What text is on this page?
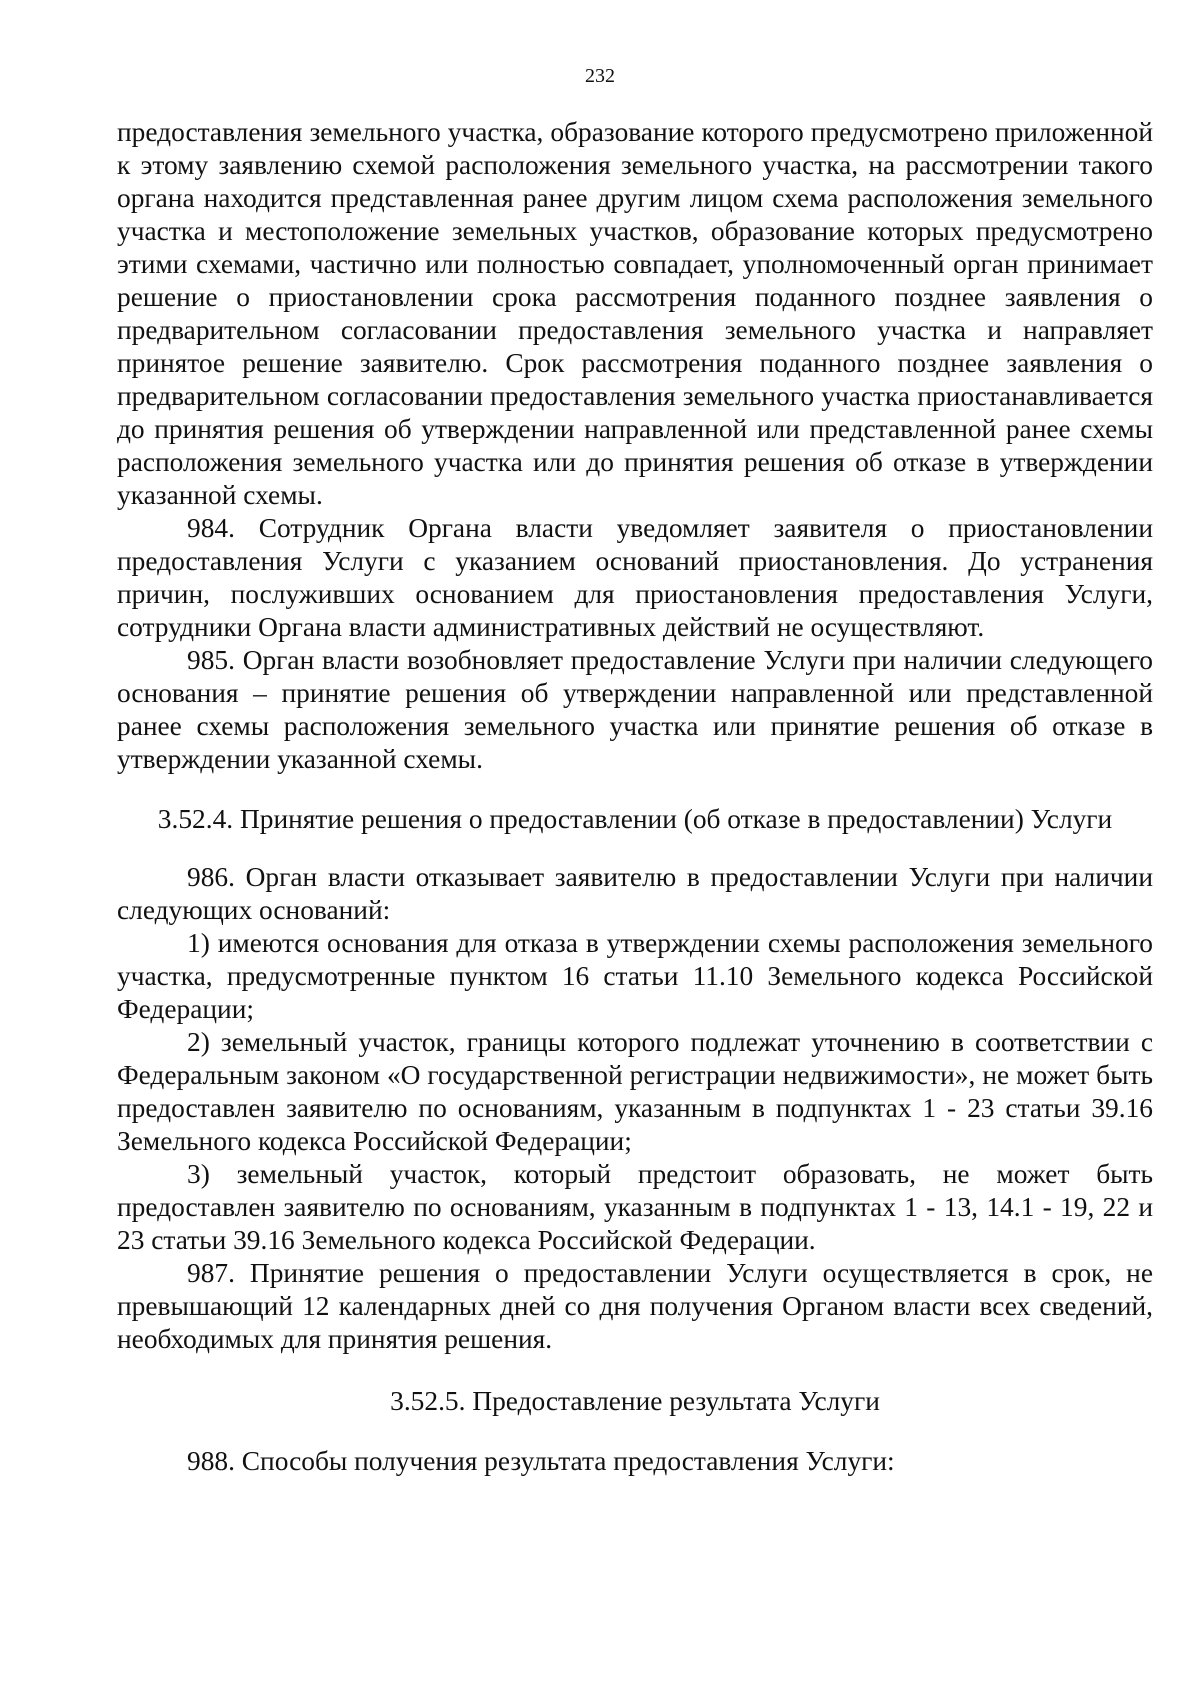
232

предоставления земельного участка, образование которого предусмотрено приложенной к этому заявлению схемой расположения земельного участка, на рассмотрении такого органа находится представленная ранее другим лицом схема расположения земельного участка и местоположение земельных участков, образование которых предусмотрено этими схемами, частично или полностью совпадает, уполномоченный орган принимает решение о приостановлении срока рассмотрения поданного позднее заявления о предварительном согласовании предоставления земельного участка и направляет принятое решение заявителю. Срок рассмотрения поданного позднее заявления о предварительном согласовании предоставления земельного участка приостанавливается до принятия решения об утверждении направленной или представленной ранее схемы расположения земельного участка или до принятия решения об отказе в утверждении указанной схемы.

984. Сотрудник Органа власти уведомляет заявителя о приостановлении предоставления Услуги с указанием оснований приостановления. До устранения причин, послуживших основанием для приостановления предоставления Услуги, сотрудники Органа власти административных действий не осуществляют.

985. Орган власти возобновляет предоставление Услуги при наличии следующего основания – принятие решения об утверждении направленной или представленной ранее схемы расположения земельного участка или принятие решения об отказе в утверждении указанной схемы.

3.52.4. Принятие решения о предоставлении (об отказе в предоставлении) Услуги

986. Орган власти отказывает заявителю в предоставлении Услуги при наличии следующих оснований:

1) имеются основания для отказа в утверждении схемы расположения земельного участка, предусмотренные пунктом 16 статьи 11.10 Земельного кодекса Российской Федерации;

2) земельный участок, границы которого подлежат уточнению в соответствии с Федеральным законом «О государственной регистрации недвижимости», не может быть предоставлен заявителю по основаниям, указанным в подпунктах 1 - 23 статьи 39.16 Земельного кодекса Российской Федерации;

3) земельный участок, который предстоит образовать, не может быть предоставлен заявителю по основаниям, указанным в подпунктах 1 - 13, 14.1 - 19, 22 и 23 статьи 39.16 Земельного кодекса Российской Федерации.

987. Принятие решения о предоставлении Услуги осуществляется в срок, не превышающий 12 календарных дней со дня получения Органом власти всех сведений, необходимых для принятия решения.

3.52.5. Предоставление результата Услуги

988. Способы получения результата предоставления Услуги:
